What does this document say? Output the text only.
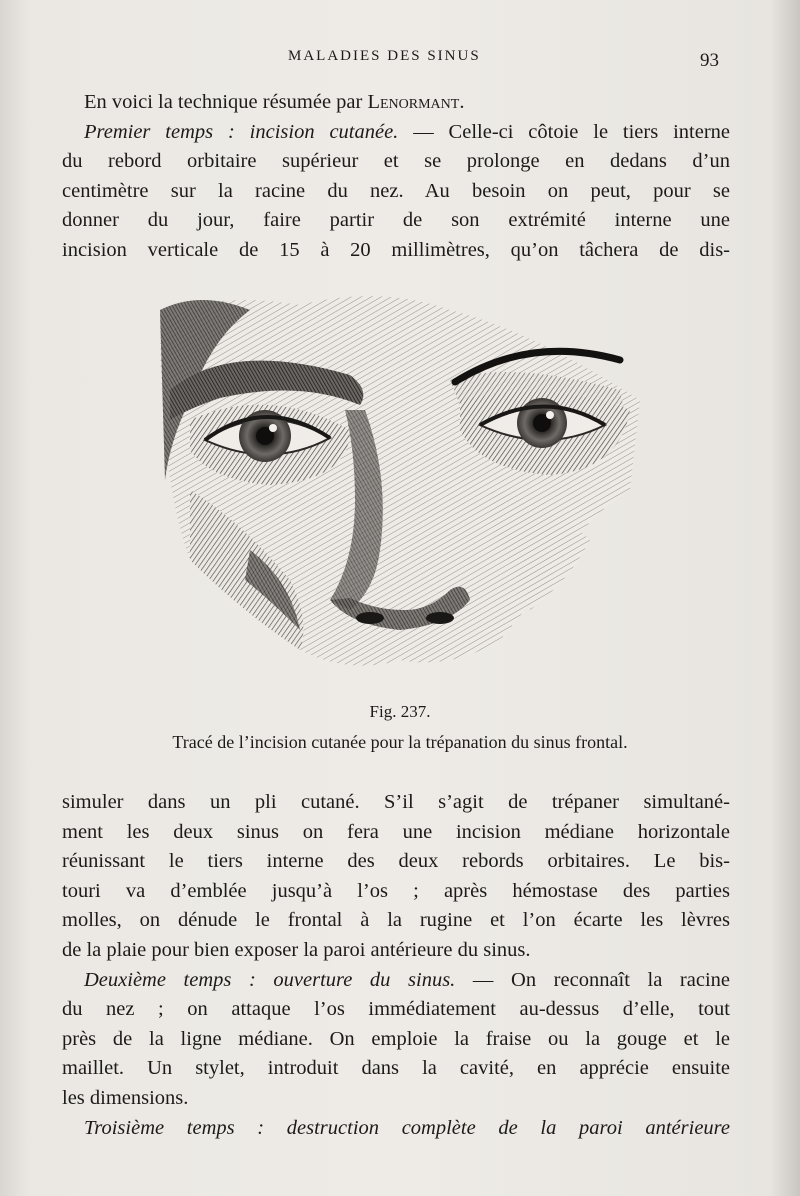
MALADIES DES SINUS	93
En voici la technique résumée par Lenormant.
Premier temps : incision cutanée. — Celle-ci côtoie le tiers interne
du rebord orbitaire supérieur et se prolonge en dedans d’un
centimètre sur la racine du nez. Au besoin on peut, pour se
donner du jour, faire partir de son extrémité interne une
incision verticale de 15 à 20 millimètres, qu’on tâchera de dis-
Fig. 237.
Tracé de l’incision cutanée pour la trépanation du sinus frontal.
simuler dans un pli cutané. S’il s’agit de trépaner simultané-
ment les deux sinus on fera une incision médiane horizontale
réunissant le tiers interne des deux rebords orbitaires. Le bis-
touri va d’emblée jusqu’à l’os ; après hémostase des parties
molles, on dénude le frontal à la rugine et l’on écarte les lèvres
de la plaie pour bien exposer la paroi antérieure du sinus.
Deuxième temps : ouverture du sinus. — On reconnaît la racine
du nez ; on attaque l’os immédiatement au-dessus d’elle, tout
près de la ligne médiane. On emploie la fraise ou la gouge et le
maillet. Un stylet, introduit dans la cavité, en apprécie ensuite
les dimensions.
Troisième temps : destruction complète de la paroi antérieure
